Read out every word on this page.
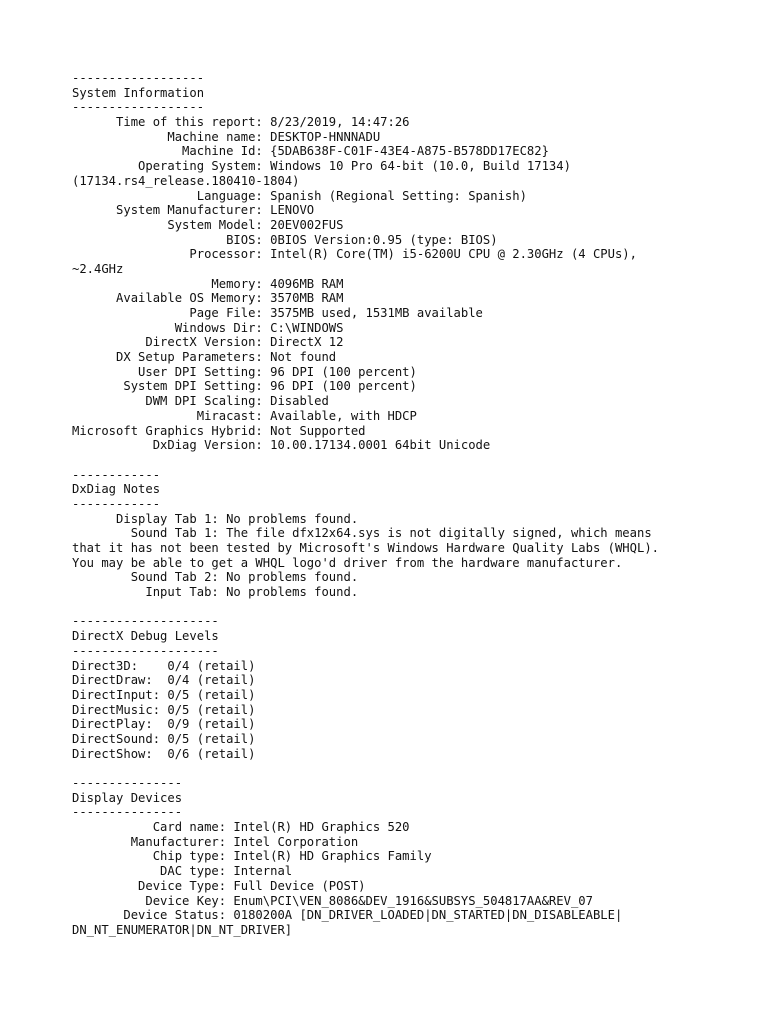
------------------
System Information
------------------
Time of this report: 8/23/2019, 14:47:26
Machine name: DESKTOP-HNNNADU
Machine Id: {5DAB638F-C01F-43E4-A875-B578DD17EC82}
Operating System: Windows 10 Pro 64-bit (10.0, Build 17134)
(17134.rs4_release.180410-1804)
Language: Spanish (Regional Setting: Spanish)
System Manufacturer: LENOVO
System Model: 20EV002FUS
BIOS: 0BIOS Version:0.95 (type: BIOS)
Processor: Intel(R) Core(TM) i5-6200U CPU @ 2.30GHz (4 CPUs),
~2.4GHz
Memory: 4096MB RAM
Available OS Memory: 3570MB RAM
Page File: 3575MB used, 1531MB available
Windows Dir: C:\WINDOWS
DirectX Version: DirectX 12
DX Setup Parameters: Not found
User DPI Setting: 96 DPI (100 percent)
System DPI Setting: 96 DPI (100 percent)
DWM DPI Scaling: Disabled
Miracast: Available, with HDCP
Microsoft Graphics Hybrid: Not Supported
DxDiag Version: 10.00.17134.0001 64bit Unicode
------------
DxDiag Notes
------------
Display Tab 1: No problems found.
Sound Tab 1: The file dfx12x64.sys is not digitally signed, which means
that it has not been tested by Microsoft's Windows Hardware Quality Labs (WHQL).
You may be able to get a WHQL logo'd driver from the hardware manufacturer.
Sound Tab 2: No problems found.
Input Tab: No problems found.
--------------------
DirectX Debug Levels
--------------------
Direct3D:    0/4 (retail)
DirectDraw:  0/4 (retail)
DirectInput: 0/5 (retail)
DirectMusic: 0/5 (retail)
DirectPlay:  0/9 (retail)
DirectSound: 0/5 (retail)
DirectShow:  0/6 (retail)
---------------
Display Devices
---------------
Card name: Intel(R) HD Graphics 520
Manufacturer: Intel Corporation
Chip type: Intel(R) HD Graphics Family
DAC type: Internal
Device Type: Full Device (POST)
Device Key: Enum\PCI\VEN_8086&DEV_1916&SUBSYS_504817AA&REV_07
Device Status: 0180200A [DN_DRIVER_LOADED|DN_STARTED|DN_DISABLEABLE|
DN_NT_ENUMERATOR|DN_NT_DRIVER]
